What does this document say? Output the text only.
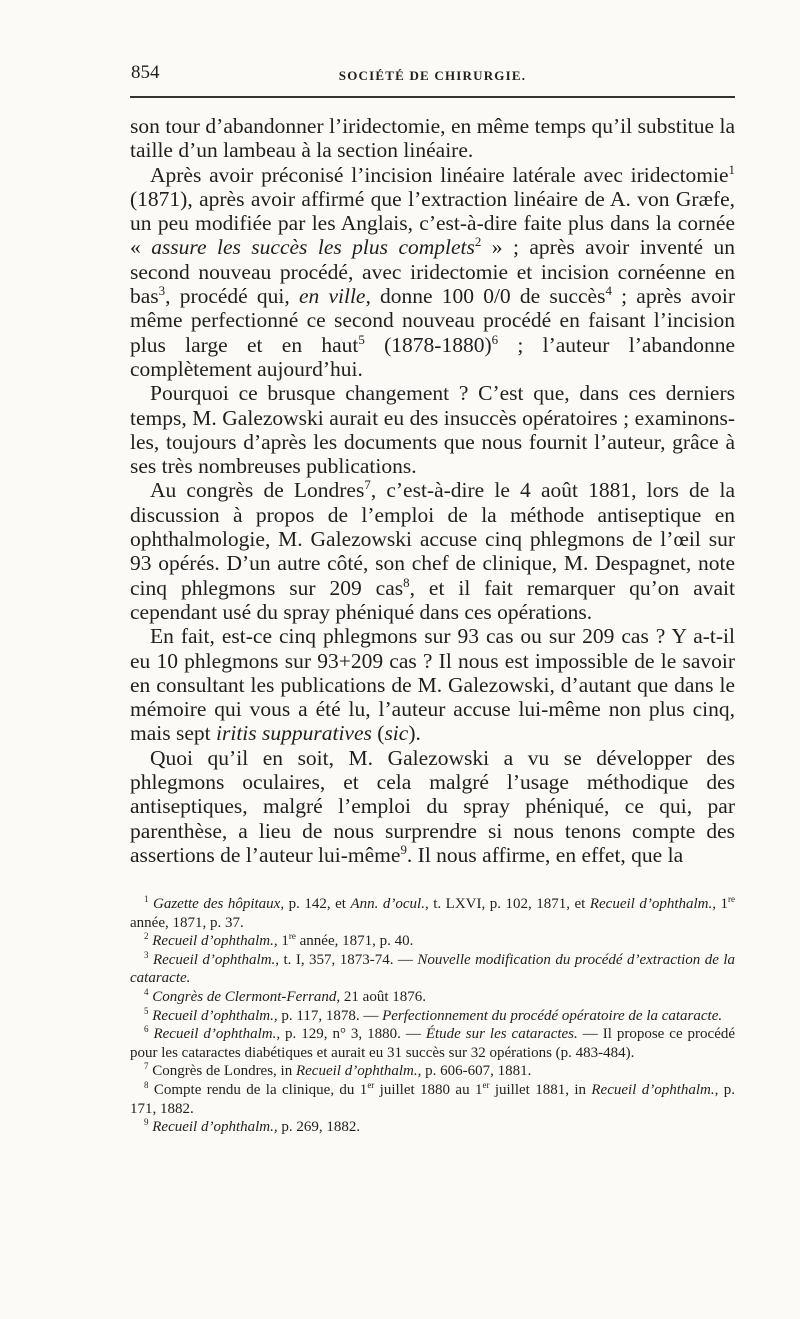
854	SOCIÉTÉ DE CHIRURGIE.

son tour d’abandonner l’iridectomie, en même temps qu’il substitue la taille d’un lambeau à la section linéaire.

Après avoir préconisé l’incision linéaire latérale avec iridectomie$^1$ (1871), après avoir affirmé que l’extraction linéaire de A. von Græfe, un peu modifiée par les Anglais, c’est-à-dire faite plus dans la cornée « assure les succès les plus complets$^2$ » ; après avoir inventé un second nouveau procédé, avec iridectomie et incision cornéenne en bas$^3$, procédé qui, en ville, donne 100 0/0 de succès$^4$ ; après avoir même perfectionné ce second nouveau procédé en faisant l’incision plus large et en haut$^5$ (1878-1880)$^6$ ; l’auteur l’abandonne complètement aujourd’hui.

Pourquoi ce brusque changement ? C’est que, dans ces derniers temps, M. Galezowski aurait eu des insuccès opératoires ; examinons-les, toujours d’après les documents que nous fournit l’auteur, grâce à ses très nombreuses publications.

Au congrès de Londres$^7$, c’est-à-dire le 4 août 1881, lors de la discussion à propos de l’emploi de la méthode antiseptique en ophthalmologie, M. Galezowski accuse cinq phlegmons de l’œil sur 93 opérés. D’un autre côté, son chef de clinique, M. Despagnet, note cinq phlegmons sur 209 cas$^8$, et il fait remarquer qu’on avait cependant usé du spray phéniqué dans ces opérations.

En fait, est-ce cinq phlegmons sur 93 cas ou sur 209 cas ? Y a-t-il eu 10 phlegmons sur 93+209 cas ? Il nous est impossible de le savoir en consultant les publications de M. Galezowski, d’autant que dans le mémoire qui vous a été lu, l’auteur accuse lui-même non plus cinq, mais sept iritis suppuratives (sic).

Quoi qu’il en soit, M. Galezowski a vu se développer des phlegmons oculaires, et cela malgré l’usage méthodique des antiseptiques, malgré l’emploi du spray phéniqué, ce qui, par parenthèse, a lieu de nous surprendre si nous tenons compte des assertions de l’auteur lui-même$^9$. Il nous affirme, en effet, que la

$^1$ Gazette des hôpitaux, p. 142, et Ann. d’ocul., t. LXVI, p. 102, 1871, et Recueil d’ophthalm., 1re année, 1871, p. 37.

$^2$ Recueil d’ophthalm., 1re année, 1871, p. 40.

$^3$ Recueil d’ophthalm., t. I, 357, 1873-74. — Nouvelle modification du procédé d’extraction de la cataracte.

$^4$ Congrès de Clermont-Ferrand, 21 août 1876.

$^5$ Recueil d’ophthalm., p. 117, 1878. — Perfectionnement du procédé opératoire de la cataracte.

$^6$ Recueil d’ophthalm., p. 129, n° 3, 1880. — Étude sur les cataractes. — Il propose ce procédé pour les cataractes diabétiques et aurait eu 31 succès sur 32 opérations (p. 483-484).

$^7$ Congrès de Londres, in Recueil d’ophthalm., p. 606-607, 1881.

$^8$ Compte rendu de la clinique, du 1er juillet 1880 au 1er juillet 1881, in Recueil d’ophthalm., p. 171, 1882.

$^9$ Recueil d’ophthalm., p. 269, 1882.
